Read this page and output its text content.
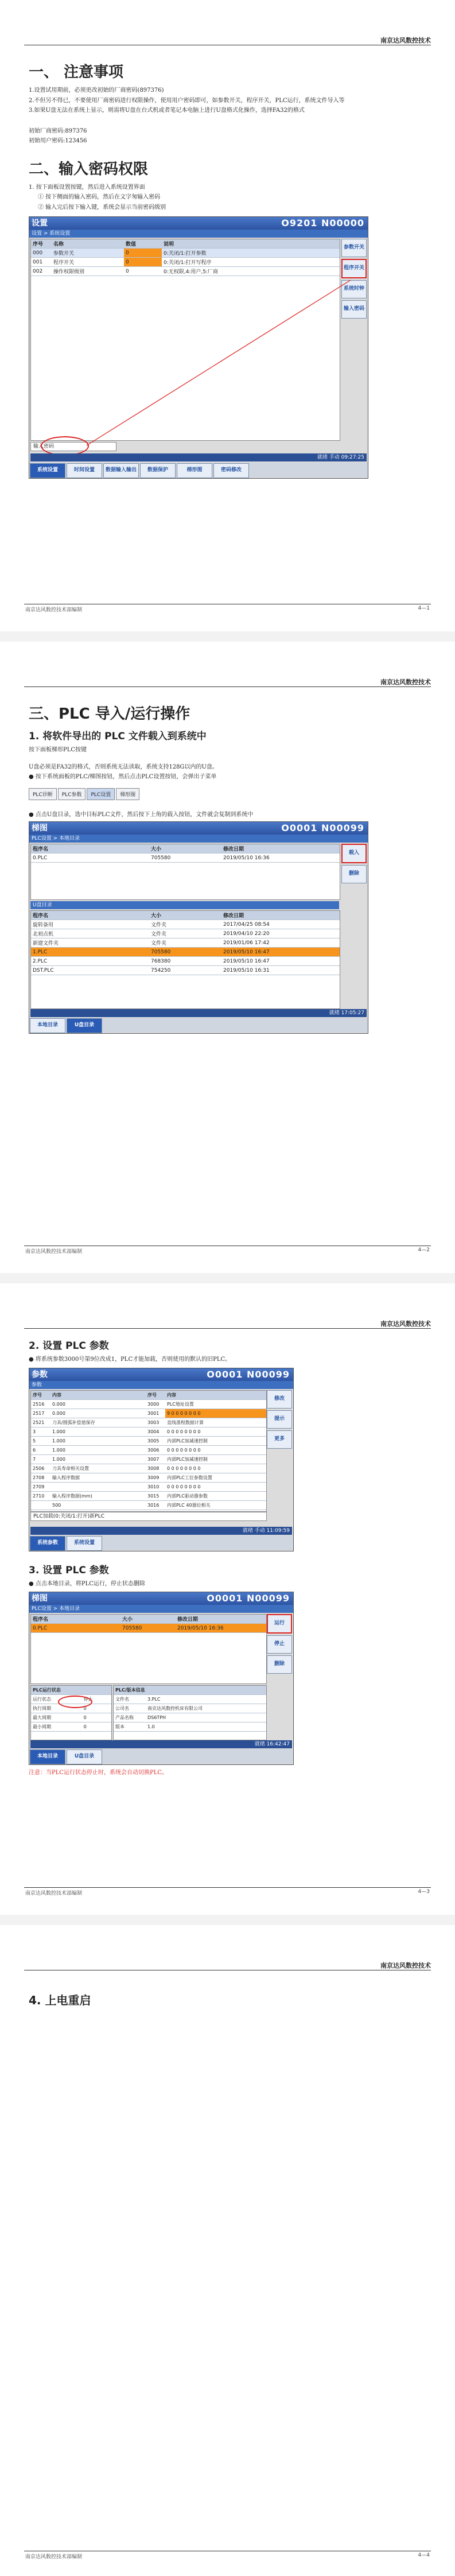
南京达风数控技术
一、 注意事项

1.设置试用期前，必须更改初始的厂商密码(897376)

2.不但另不得已，不要使用厂商密码进行权限操作，使用用户密码即可，如参数开关，程序开关，PLC运行，系统文件导入等

3.如果U盘无法在系统上显示，则需将U盘在台式机或者笔记本电脑上进行U盘格式化操作，选择FA32的格式

初始厂商密码:897376

初始用户密码:123456

二、输入密码权限

1. 按下面板设置按键，然后进入系统设置界面

① 按下侧面的输入密码，然后在文字匆输入密码

② 输入完后按下输入键，系统会显示当前密码级别

设置	O9201 N00000
设置 > 系统设置
序号	名称	数值	说明
000	参数开关	0	0:关闭/1:打开参数
001	程序开关	0	0:关闭/1:打开写程序
002	操作权限级别	0	0:无权限,4:用户,5:厂商
参数开关
程序开关
系统时钟
输入密码
输入密码
就绪 手动 09:27:25
系统设置	时间设置	数据输入输出	数据保护	梯形图	密码修改
南京达风数控技术部编制	4—1
南京达风数控技术
三、PLC 导入/运行操作
1. 将软件导出的 PLC 文件载入到系统中

按下面板梯形PLC按键

U盘必须是FA32的格式，否则系统无法读取，系统支持128G以内的U盘。

● 按下系统面板的PLC/梯图按钮，然后点击PLC设置按钮，会弹出子菜单

PLC诊断 PLC参数 PLC设置 梯形图

● 点击U盘目录，选中目标PLC文件，然后按下上角的载入按钮，文件就会复制到系统中

梯图	O0001 N00099
PLC设置 > 本地目录
程序名	大小	修改日期
0.PLC	705580	2019/05/10 16:36
U盘目录
程序名	大小	修改日期
旋转备用	文件夹	2017/04/25 08:54
北初点机	文件夹	2019/04/10 22:20
新建文件夹	文件夹	2019/01/06 17:42
1.PLC	705580	2019/05/10 16:47
2.PLC	768380	2019/05/10 16:47
DST.PLC	754250	2019/05/10 16:31
载入
删除
就绪 17:05:27
本地目录	U盘目录
南京达风数控技术部编制	4—2
南京达风数控技术
2. 设置 PLC 参数

● 将系统参数3000号第9位改成1，PLC才能加载，否则使用的默认的旧PLC。

参数	O0001 N00099
参数
序号	内容	序号	内容
2516	0.000	3000	PLC地址设置
2517	0.000	3001	9 0 0 0 0 0 0 0
2521	刀具/圆弧补偿值保存	3003	直线准程数据计算
3	1.000	3004	0 0 0 0 0 0 0 0
5	1.000	3005	内部PLC加减速控制
6	1.000	3006	0 0 0 0 0 0 0 0
7	1.000	3007	内部PLC加减速控制
2506	刀具寿命相关设置	3008	0 0 0 0 0 0 0 0
2708	输入程序数据	3009	内部PLC工位参数设置
2709		3010	0 0 0 0 0 0 0 0
2710	输入程序数据(mm)	3015	内部PLC驱动器参数
	500	3016	内部PLC 40器位相关
PLC加载(0:关闭/1:打开)新PLC
修改
提示
更多
就绪 手动 11:09:59
系统参数	系统设置
3. 设置 PLC 参数

● 点击本地目录，将PLC运行，停止状态删除

梯图	O0001 N00099
PLC设置 > 本地目录
程序名	大小	修改日期
0.PLC	705580	2019/05/10 16:36
PLC运行状态	
运行状态	停止
执行周期	0
最大周期	0
最小周期	0
PLC/版本信息	
文件名	3.PLC
公司名	南京达风数控机床有限公司
产品名称	DS6TPH
版本	1.0
运行
停止
删除
就绪 16:42:47
本地目录	U盘目录

注意：当PLC运行状态停止时，系统会自动切换PLC。

南京达风数控技术部编制	4—3
南京达风数控技术
4. 上电重启
南京达风数控技术部编制	4—4
